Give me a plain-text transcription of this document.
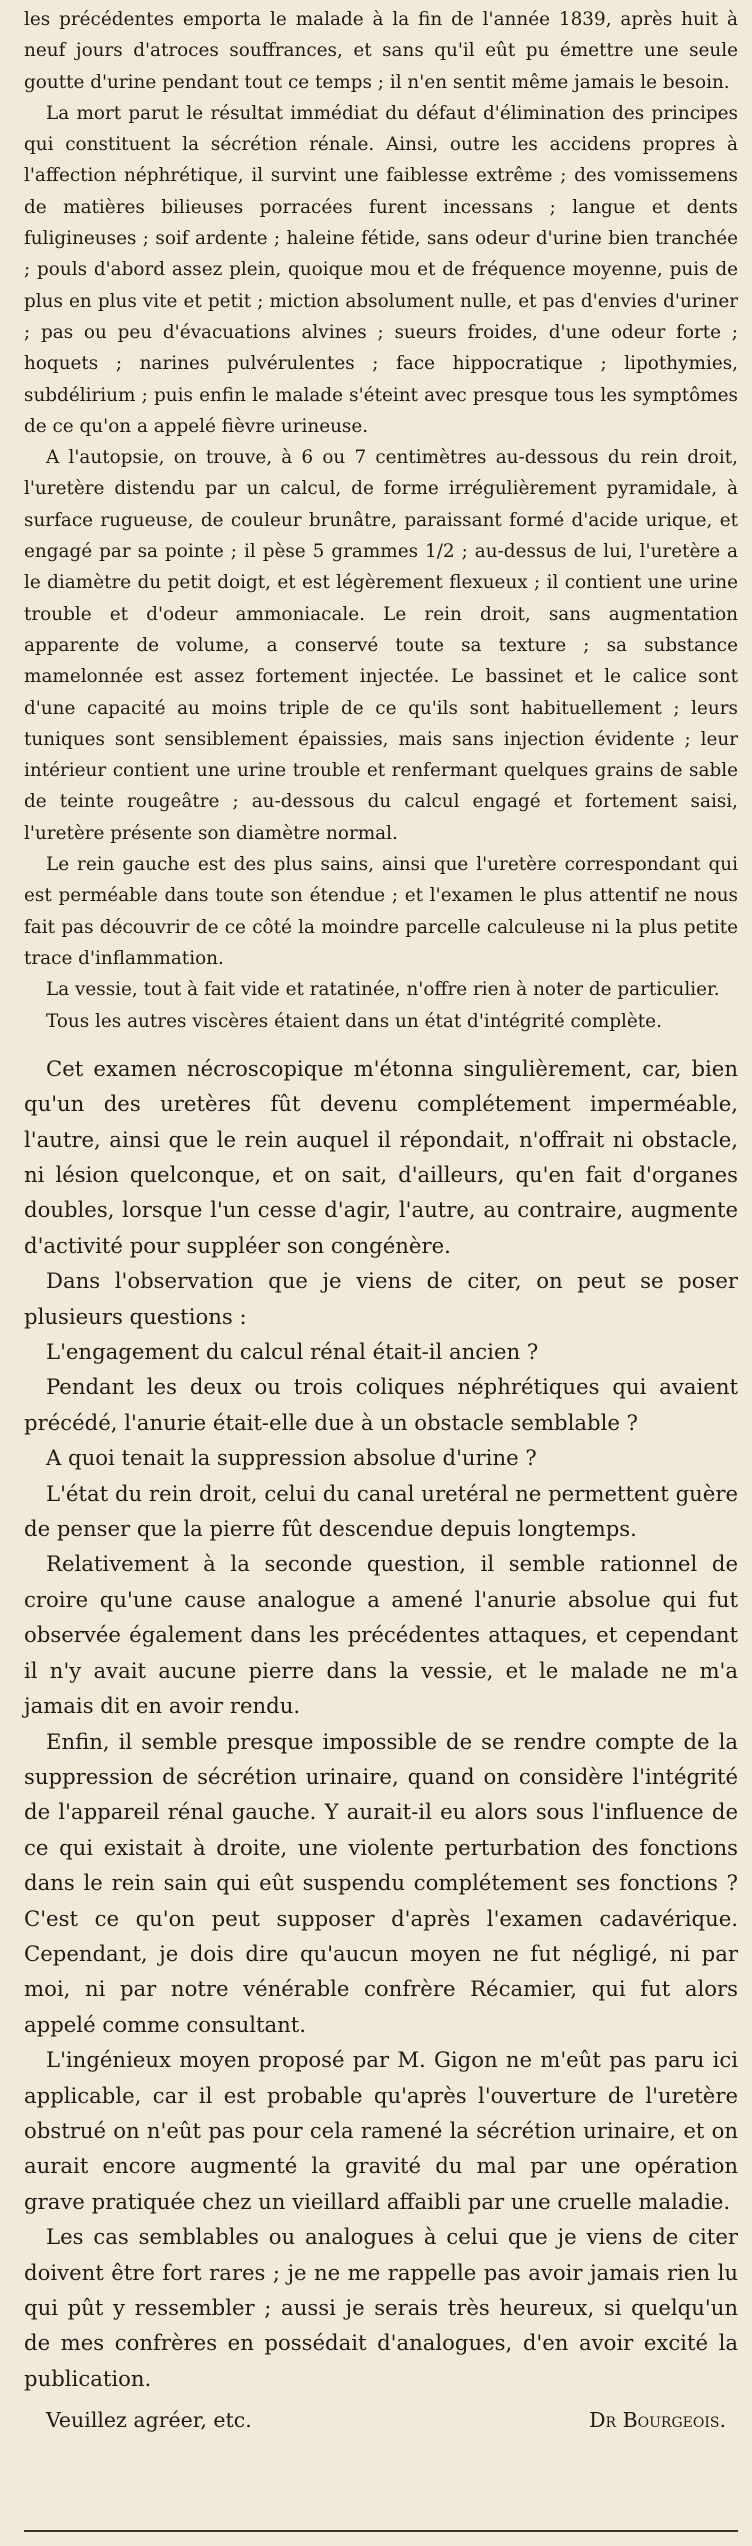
les précédentes emporta le malade à la fin de l'année 1839, après huit à neuf jours d'atroces souffrances, et sans qu'il eût pu émettre une seule goutte d'urine pendant tout ce temps ; il n'en sentit même jamais le besoin.

La mort parut le résultat immédiat du défaut d'élimination des principes qui constituent la sécrétion rénale. Ainsi, outre les accidens propres à l'affection néphrétique, il survint une faiblesse extrême ; des vomissemens de matières bilieuses porracées furent incessans ; langue et dents fuligineuses ; soif ardente ; haleine fétide, sans odeur d'urine bien tranchée ; pouls d'abord assez plein, quoique mou et de fréquence moyenne, puis de plus en plus vite et petit ; miction absolument nulle, et pas d'envies d'uriner ; pas ou peu d'évacuations alvines ; sueurs froides, d'une odeur forte ; hoquets ; narines pulvérulentes ; face hippocratique ; lipothymies, subdélirium ; puis enfin le malade s'éteint avec presque tous les symptômes de ce qu'on a appelé fièvre urineuse.

A l'autopsie, on trouve, à 6 ou 7 centimètres au-dessous du rein droit, l'uretère distendu par un calcul, de forme irrégulièrement pyramidale, à surface rugueuse, de couleur brunâtre, paraissant formé d'acide urique, et engagé par sa pointe ; il pèse 5 grammes 1/2 ; au-dessus de lui, l'uretère a le diamètre du petit doigt, et est légèrement flexueux ; il contient une urine trouble et d'odeur ammoniacale. Le rein droit, sans augmentation apparente de volume, a conservé toute sa texture ; sa substance mamelonnée est assez fortement injectée. Le bassinet et le calice sont d'une capacité au moins triple de ce qu'ils sont habituellement ; leurs tuniques sont sensiblement épaissies, mais sans injection évidente ; leur intérieur contient une urine trouble et renfermant quelques grains de sable de teinte rougeâtre ; au-dessous du calcul engagé et fortement saisi, l'uretère présente son diamètre normal.

Le rein gauche est des plus sains, ainsi que l'uretère correspondant qui est perméable dans toute son étendue ; et l'examen le plus attentif ne nous fait pas découvrir de ce côté la moindre parcelle calculeuse ni la plus petite trace d'inflammation.

La vessie, tout à fait vide et ratatinée, n'offre rien à noter de particulier.

Tous les autres viscères étaient dans un état d'intégrité complète.

Cet examen nécroscopique m'étonna singulièrement, car, bien qu'un des uretères fût devenu complétement imperméable, l'autre, ainsi que le rein auquel il répondait, n'offrait ni obstacle, ni lésion quelconque, et on sait, d'ailleurs, qu'en fait d'organes doubles, lorsque l'un cesse d'agir, l'autre, au contraire, augmente d'activité pour suppléer son congénère.

Dans l'observation que je viens de citer, on peut se poser plusieurs questions :

L'engagement du calcul rénal était-il ancien ?

Pendant les deux ou trois coliques néphrétiques qui avaient précédé, l'anurie était-elle due à un obstacle semblable ?

A quoi tenait la suppression absolue d'urine ?

L'état du rein droit, celui du canal uretéral ne permettent guère de penser que la pierre fût descendue depuis longtemps.

Relativement à la seconde question, il semble rationnel de croire qu'une cause analogue a amené l'anurie absolue qui fut observée également dans les précédentes attaques, et cependant il n'y avait aucune pierre dans la vessie, et le malade ne m'a jamais dit en avoir rendu.

Enfin, il semble presque impossible de se rendre compte de la suppression de sécrétion urinaire, quand on considère l'intégrité de l'appareil rénal gauche. Y aurait-il eu alors sous l'influence de ce qui existait à droite, une violente perturbation des fonctions dans le rein sain qui eût suspendu complétement ses fonctions ? C'est ce qu'on peut supposer d'après l'examen cadavérique. Cependant, je dois dire qu'aucun moyen ne fut négligé, ni par moi, ni par notre vénérable confrère Récamier, qui fut alors appelé comme consultant.

L'ingénieux moyen proposé par M. Gigon ne m'eût pas paru ici applicable, car il est probable qu'après l'ouverture de l'uretère obstrué on n'eût pas pour cela ramené la sécrétion urinaire, et on aurait encore augmenté la gravité du mal par une opération grave pratiquée chez un vieillard affaibli par une cruelle maladie.

Les cas semblables ou analogues à celui que je viens de citer doivent être fort rares ; je ne me rappelle pas avoir jamais rien lu qui pût y ressembler ; aussi je serais très heureux, si quelqu'un de mes confrères en possédait d'analogues, d'en avoir excité la publication.

Veuillez agréer, etc.	Dr Bourgeois.
